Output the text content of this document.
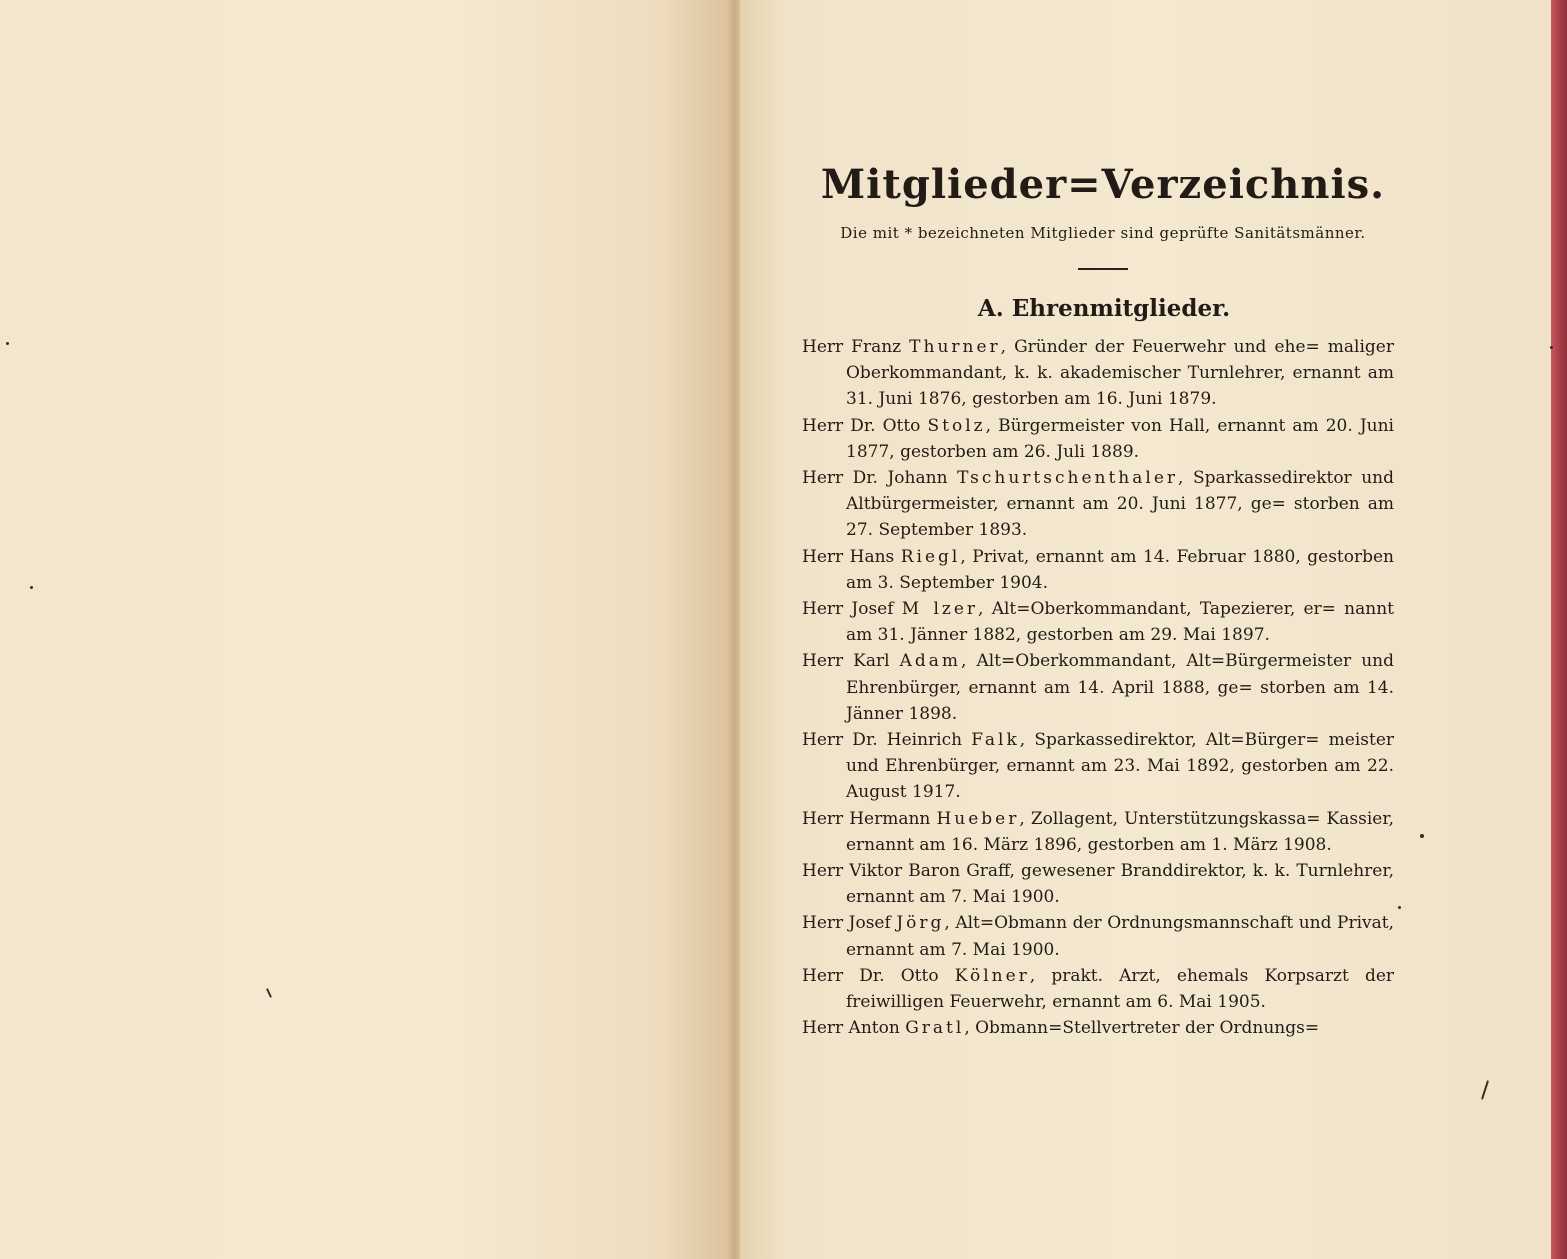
Mitglieder=Verzeichnis.

Die mit * bezeichneten Mitglieder sind geprüfte Sanitätsmänner.

A. Ehrenmitglieder.
Herr Franz Thurner, Gründer der Feuerwehr und ehe= maliger Oberkommandant, k. k. akademischer Turnlehrer, ernannt am 31. Juni 1876, gestorben am 16. Juni 1879.
Herr Dr. Otto Stolz, Bürgermeister von Hall, ernannt am 20. Juni 1877, gestorben am 26. Juli 1889.
Herr Dr. Johann Tschurtschenthaler, Sparkassedirektor und Altbürgermeister, ernannt am 20. Juni 1877, ge= storben am 27. September 1893.
Herr Hans Riegl, Privat, ernannt am 14. Februar 1880, gestorben am 3. September 1904.
Herr Josef M lzer, Alt=Oberkommandant, Tapezierer, er= nannt am 31. Jänner 1882, gestorben am 29. Mai 1897.
Herr Karl Adam, Alt=Oberkommandant, Alt=Bürgermeister und Ehrenbürger, ernannt am 14. April 1888, ge= storben am 14. Jänner 1898.
Herr Dr. Heinrich Falk, Sparkassedirektor, Alt=Bürger= meister und Ehrenbürger, ernannt am 23. Mai 1892, gestorben am 22. August 1917.
Herr Hermann Hueber, Zollagent, Unterstützungskassa= Kassier, ernannt am 16. März 1896, gestorben am 1. März 1908.
Herr Viktor Baron Graff, gewesener Branddirektor, k. k. Turnlehrer, ernannt am 7. Mai 1900.
Herr Josef Jörg, Alt=Obmann der Ordnungsmannschaft und Privat, ernannt am 7. Mai 1900.
Herr Dr. Otto Kölner, prakt. Arzt, ehemals Korpsarzt der freiwilligen Feuerwehr, ernannt am 6. Mai 1905.
Herr Anton Gratl, Obmann=Stellvertreter der Ordnungs=
